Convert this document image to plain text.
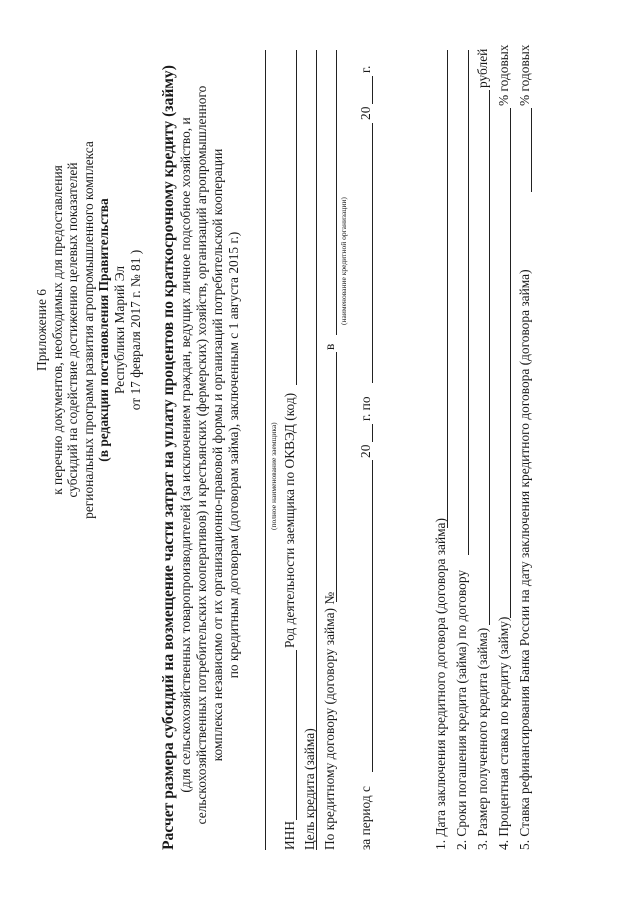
Приложение 6 к перечню документов, необходимых для предоставления субсидий на содействие достижению целевых показателей региональных программ развития агропромышленного комплекса (в редакции постановления Правительства Республики Марий Эл от 17 февраля 2017 г. № 81 ) Расчет размера субсидий на возмещение части затрат на уплату процентов по краткосрочному кредиту (займу) (для сельскохозяйственных товаропроизводителей (за исключением граждан, ведущих личное подсобное хозяйство, и сельскохозяйственных потребительских кооперативов) и крестьянских (фермерских) хозяйств, организаций агропромышленного комплекса независимо от их организационно-правовой формы и организаций потребительской кооперации по кредитным договорам (договорам займа), заключенным с 1 августа 2015 г.)	(полное наименование заемщика)
ИНН
Род деятельности заемщика по ОКВЭД (код)
Цель кредита (займа) По кредитному договору (договору займа) №
в
(наименование кредитной организации)
за период с
20
г. по
20
г.
1. Дата заключения кредитного договора (договора займа) 2. Сроки погашения кредита (займа) по договору 3. Размер полученного кредита (займа)
рублей
4. Процентная ставка по кредиту (займу)
% годовых
5. Ставка рефинансирования Банка России на дату заключения кредитного договора (договора займа)
% годовых
